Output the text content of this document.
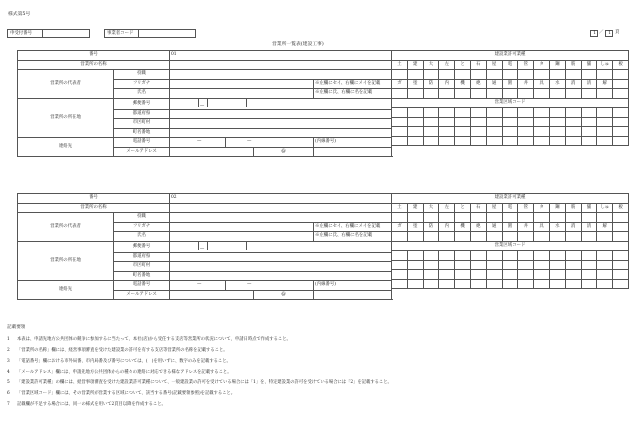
様式第5号
申受付番号	事業者コード	1 ／ 1 頁
営業所一覧表(建設工事)
番号		01			
営業所の名称					
営業所の代表者	役職				
	フリガナ				※左欄にセイ、右欄にメイを記載
	氏名				※左欄に氏、右欄に名を記載
営業所の所在地	郵便番号	—			
	都道府県				
	市区町村				
	町名番地				
連絡先	電話番号	—	—		(内線番号)
	メールアドレス			@	
建設業許可業種														
土	建	大	左	と	石	屋	電	管	タ	鋼	筋	舗	しゅ	板

ガ	塗	防	内	機	絶	通	園	井	具	水	消	清	解	

営業区域コード														

番号		02			
営業所の名称					
営業所の代表者	役職				
	フリガナ				※左欄にセイ、右欄にメイを記載
	氏名				※左欄に氏、右欄に名を記載
営業所の所在地	郵便番号	—			
	都道府県				
	市区町村				
	町名番地				
連絡先	電話番号	—	—		(内線番号)
	メールアドレス			@	
建設業許可業種														
土	建	大	左	と	石	屋	電	管	タ	鋼	筋	舗	しゅ	板

ガ	塗	防	内	機	絶	通	園	井	具	水	消	清	解	

営業区域コード														

記載要領
1 本表は、申請先地方公共団体の競争に参加するに当たって、本社(店)から受任する支店等営業所の状況について、申請日時点で作成すること。
2 「営業所の名称」欄には、経営事項審査を受けた建設業の許可を有する支店等営業所の名称を記載すること。
3 「電話番号」欄における市外局番、市内局番及び番号については、(　)を用いずに、数字のみを記載すること。
4 「メールアドレス」欄には、申請先地方公共団体からの種々の連絡に対応できる様なアドレスを記載すること。
5 「建設業許可業種」の欄には、経営事項審査を受けた建設業許可業種について、一般建設業の許可を受けている場合には「1」を、特定建設業の許可を受けている場合には「2」を記載すること。
6 「営業区域コード」欄には、その営業所が営業する区域について、該当する番号(記載要領参照)を記載すること。
7 記載欄が不足する場合には、同一の様式を用いて2頁目以降を作成すること。
